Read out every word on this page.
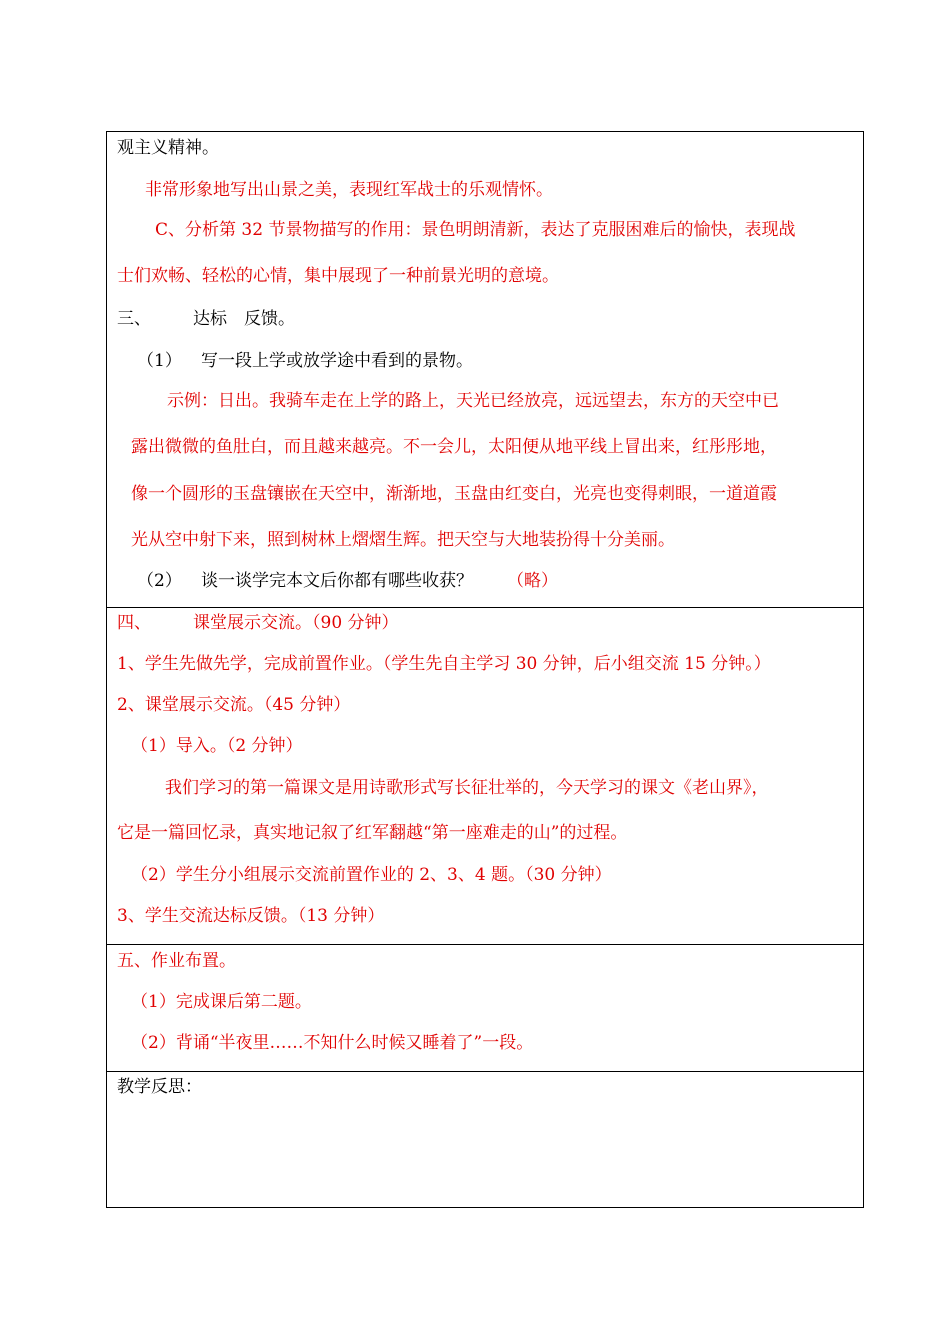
观主义精神。
非常形象地写出山景之美，表现红军战士的乐观情怀。
C、分析第 32 节景物描写的作用：景色明朗清新，表达了克服困难后的愉快，表现战
士们欢畅、轻松的心情，集中展现了一种前景光明的意境。
三、 达标　反馈。
（1） 写一段上学或放学途中看到的景物。
示例：日出。我骑车走在上学的路上，天光已经放亮，远远望去，东方的天空中已
露出微微的鱼肚白，而且越来越亮。不一会儿，太阳便从地平线上冒出来，红彤彤地，
像一个圆形的玉盘镶嵌在天空中，渐渐地，玉盘由红变白，光亮也变得刺眼，一道道霞
光从空中射下来，照到树林上熠熠生辉。把天空与大地装扮得十分美丽。
（2） 谈一谈学完本文后你都有哪些收获？ （略）

四、 课堂展示交流。（90 分钟）
1、学生先做先学，完成前置作业。（学生先自主学习 30 分钟，后小组交流 15 分钟。）
2、课堂展示交流。（45 分钟）
（1）导入。（2 分钟）
我们学习的第一篇课文是用诗歌形式写长征壮举的，今天学习的课文《老山界》，
它是一篇回忆录，真实地记叙了红军翻越“第一座难走的山”的过程。
（2）学生分小组展示交流前置作业的 2、3、4 题。（30 分钟）
3、学生交流达标反馈。（13 分钟）

五、作业布置。
（1）完成课后第二题。
（2）背诵“半夜里……不知什么时候又睡着了”一段。

教学反思：
